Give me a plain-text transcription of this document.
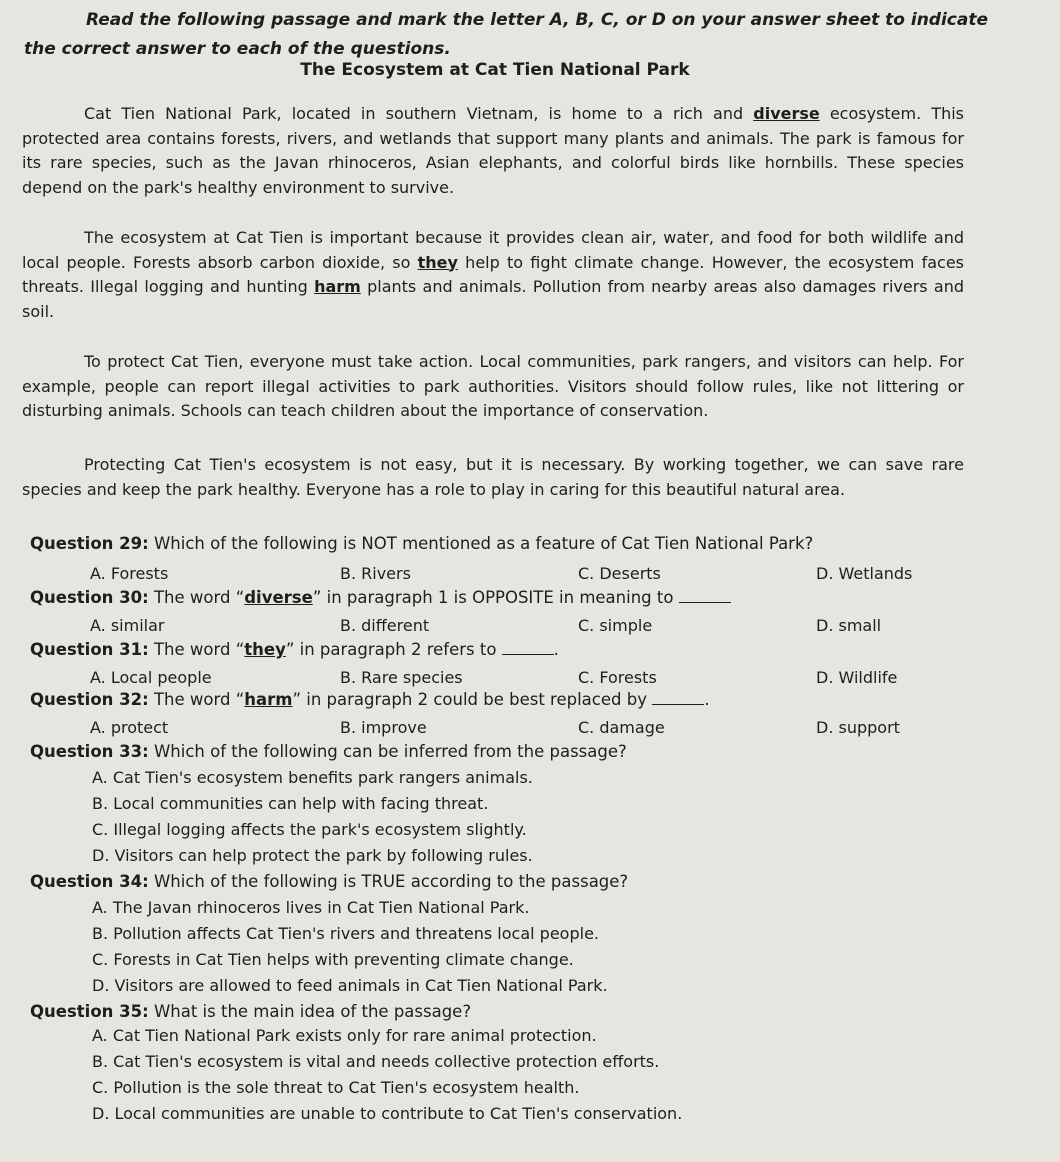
Read the following passage and mark the letter A, B, C, or D on your answer sheet to indicate
the correct answer to each of the questions.
The Ecosystem at Cat Tien National Park

Cat Tien National Park, located in southern Vietnam, is home to a rich and diverse ecosystem. This protected area contains forests, rivers, and wetlands that support many plants and animals. The park is famous for its rare species, such as the Javan rhinoceros, Asian elephants, and colorful birds like hornbills. These species depend on the park's healthy environment to survive.

The ecosystem at Cat Tien is important because it provides clean air, water, and food for both wildlife and local people. Forests absorb carbon dioxide, so they help to fight climate change. However, the ecosystem faces threats. Illegal logging and hunting harm plants and animals. Pollution from nearby areas also damages rivers and soil.

To protect Cat Tien, everyone must take action. Local communities, park rangers, and visitors can help. For example, people can report illegal activities to park authorities. Visitors should follow rules, like not littering or disturbing animals. Schools can teach children about the importance of conservation.

Protecting Cat Tien's ecosystem is not easy, but it is necessary. By working together, we can save rare species and keep the park healthy. Everyone has a role to play in caring for this beautiful natural area.

Question 29: Which of the following is NOT mentioned as a feature of Cat Tien National Park?

A. Forests	B. Rivers	C. Deserts	D. Wetlands

Question 30: The word “diverse” in paragraph 1 is OPPOSITE in meaning to

A. similar	B. different	C. simple	D. small

Question 31: The word “they” in paragraph 2 refers to	.

A. Local people	B. Rare species	C. Forests	D. Wildlife

Question 32: The word “harm” in paragraph 2 could be best replaced by	.

A. protect	B. improve	C. damage	D. support

Question 33: Which of the following can be inferred from the passage?

A. Cat Tien's ecosystem benefits park rangers animals.

B. Local communities can help with facing threat.

C. Illegal logging affects the park's ecosystem slightly.

D. Visitors can help protect the park by following rules.

Question 34: Which of the following is TRUE according to the passage?

A. The Javan rhinoceros lives in Cat Tien National Park.

B. Pollution affects Cat Tien's rivers and threatens local people.

C. Forests in Cat Tien helps with preventing climate change.

D. Visitors are allowed to feed animals in Cat Tien National Park.

Question 35: What is the main idea of the passage?

A. Cat Tien National Park exists only for rare animal protection.

B. Cat Tien's ecosystem is vital and needs collective protection efforts.

C. Pollution is the sole threat to Cat Tien's ecosystem health.

D. Local communities are unable to contribute to Cat Tien's conservation.
